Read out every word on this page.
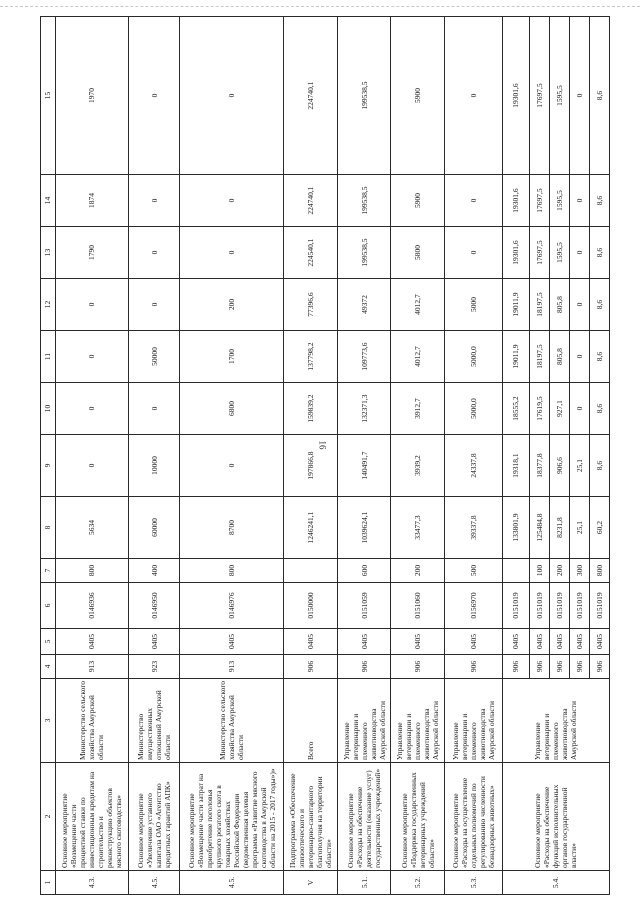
16
1	2	3	4	5	6	7	8	9	10	11	12	13	14	15
4.3.	Основное мероприятие «Возмещение части процентной ставки по инвестиционным кредитам на строительство и реконструкцию объектов мясного скотоводства»	Министерство сельского хозяйства Амурской области	913	0405	0146936	800	5634	0	0	0	0	1790	1874	1970
4.5.	Основное мероприятие «Увеличение уставного капитала ОАО «Агентство кредитных гарантий АПК»	Министерство имущественных отношений Амурской области	923	0405	0146950	400	60000	10000	0	50000	0	0	0	0
4.5.	Основное мероприятие «Возмещение части затрат на приобретение поголовья крупного рогатого скота в товарных хозяйствах Российской Федерации (ведомственная целевая программа «Развитие мясного скотоводства в Амурской области на 2015 - 2017 годы»)»	Министерство сельского хозяйства Амурской области	913	0405	0146976	800	8700	0	6800	1700	200	0	0	0
V	Подпрограмма «Обеспечение эпизоотического и ветеринарно-санитарного благополучия на территории области»	Всего	906	0405	0150000		1246241,1	197866,8	159839,2	137798,2	77396,6	224540,1	224740,1	224740,1
5.1.	Основное мероприятие «Расходы на обеспечение деятельности (оказание услуг) государственных учреждений»	Управление ветеринарии и племенного животноводства Амурской области	906	0405	0151059	600	1039624,1	140491,7	132371,3	109773,6	49372	199538,5	199538,5	199538,5
5.2.	Основное мероприятие «Поддержка государственных ветеринарных учреждений области»	Управление ветеринарии и племенного животноводства Амурской области	906	0405	0151060	200	33477,3	3939,2	3912,7	4012,7	4012,7	5800	5900	5900
5.3.	Основное мероприятие «Расходы на осуществление отдельных полномочий по регулированию численности безнадзорных животных»	Управление ветеринарии и племенного животноводства Амурской области	906	0405	0156970	500	39337,8	24337,8	5000,0	5000,0	5000	0	0	0
5.4.	Основное мероприятие «Расходы на обеспечение функций исполнительных органов государственной власти»	Управление ветеринарии и племенного животноводства Амурской области	906	0405	0151019		133801,9	19318,1	18555,2	19011,9	19011,9	19301,6	19301,6	19301,6
			906	0405	0151019	100	125484,8	18377,8	17619,5	18197,5	18197,5	17697,5	17697,5	17697,5
			906	0405	0151019	200	8231,8	906,6	927,1	805,8	805,8	1595,5	1595,5	1595,5
			906	0405	0151019	300	25,1	25,1	0	0	0	0	0	0
			906	0405	0151019	800	60,2	8,6	8,6	8,6	8,6	8,6	8,6	8,6
